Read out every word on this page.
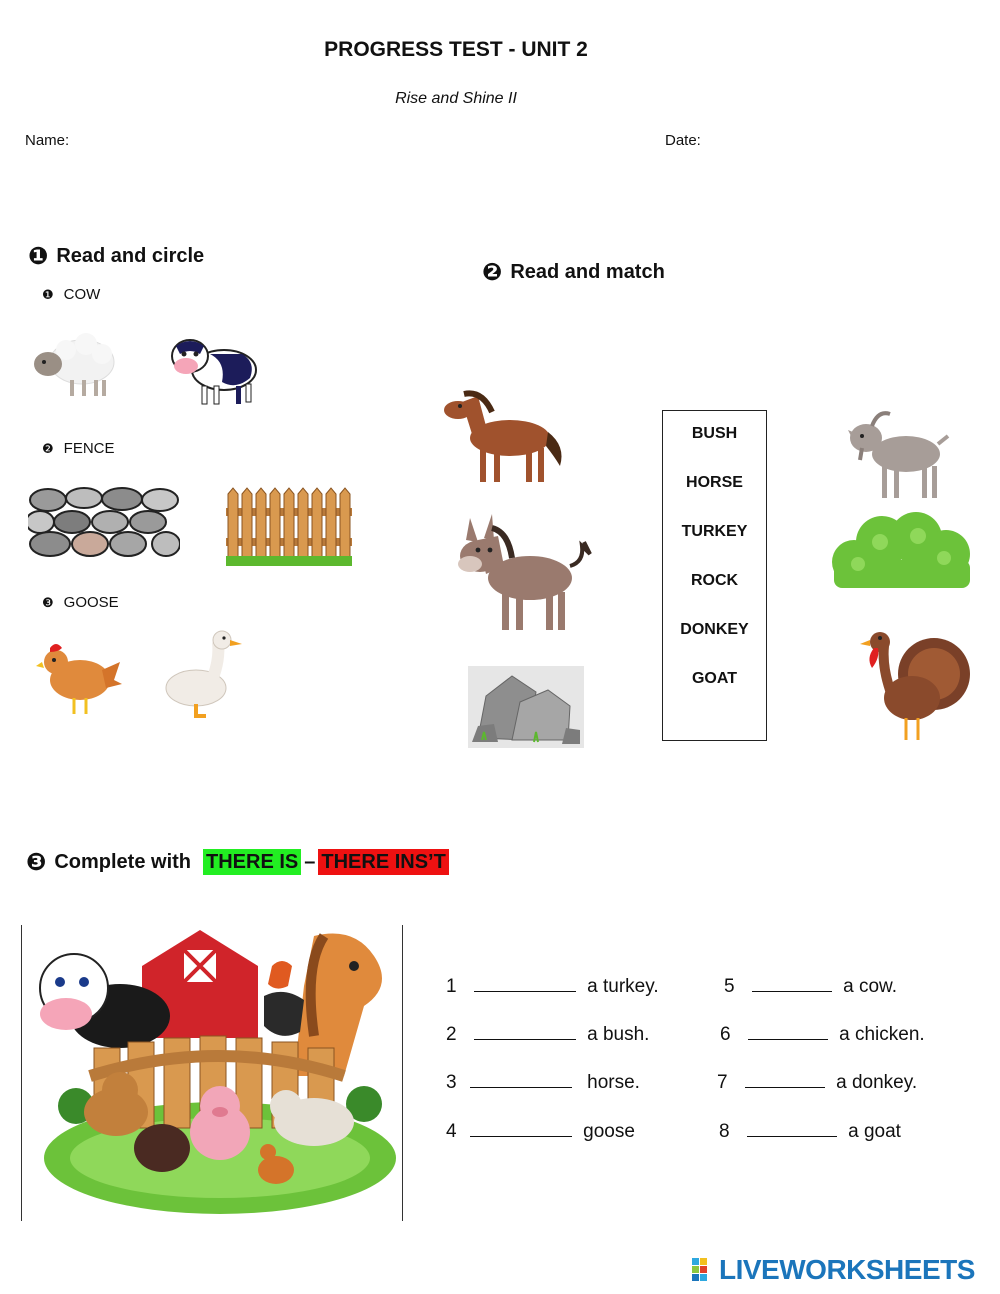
PROGRESS TEST - UNIT 2
Rise and Shine II
Name:	Date:
❶ Read and circle
❶ COW
❷ FENCE
❸ GOOSE
❷ Read and match
BUSH
HORSE
TURKEY
ROCK
DONKEY
GOAT
❸ Complete with THERE IS – THERE INS’T
1	a turkey.
2	a bush.
3	horse.
4	goose
5	a cow.
6	a chicken.
7	a donkey.
8	a goat
LIVEWORKSHEETS
